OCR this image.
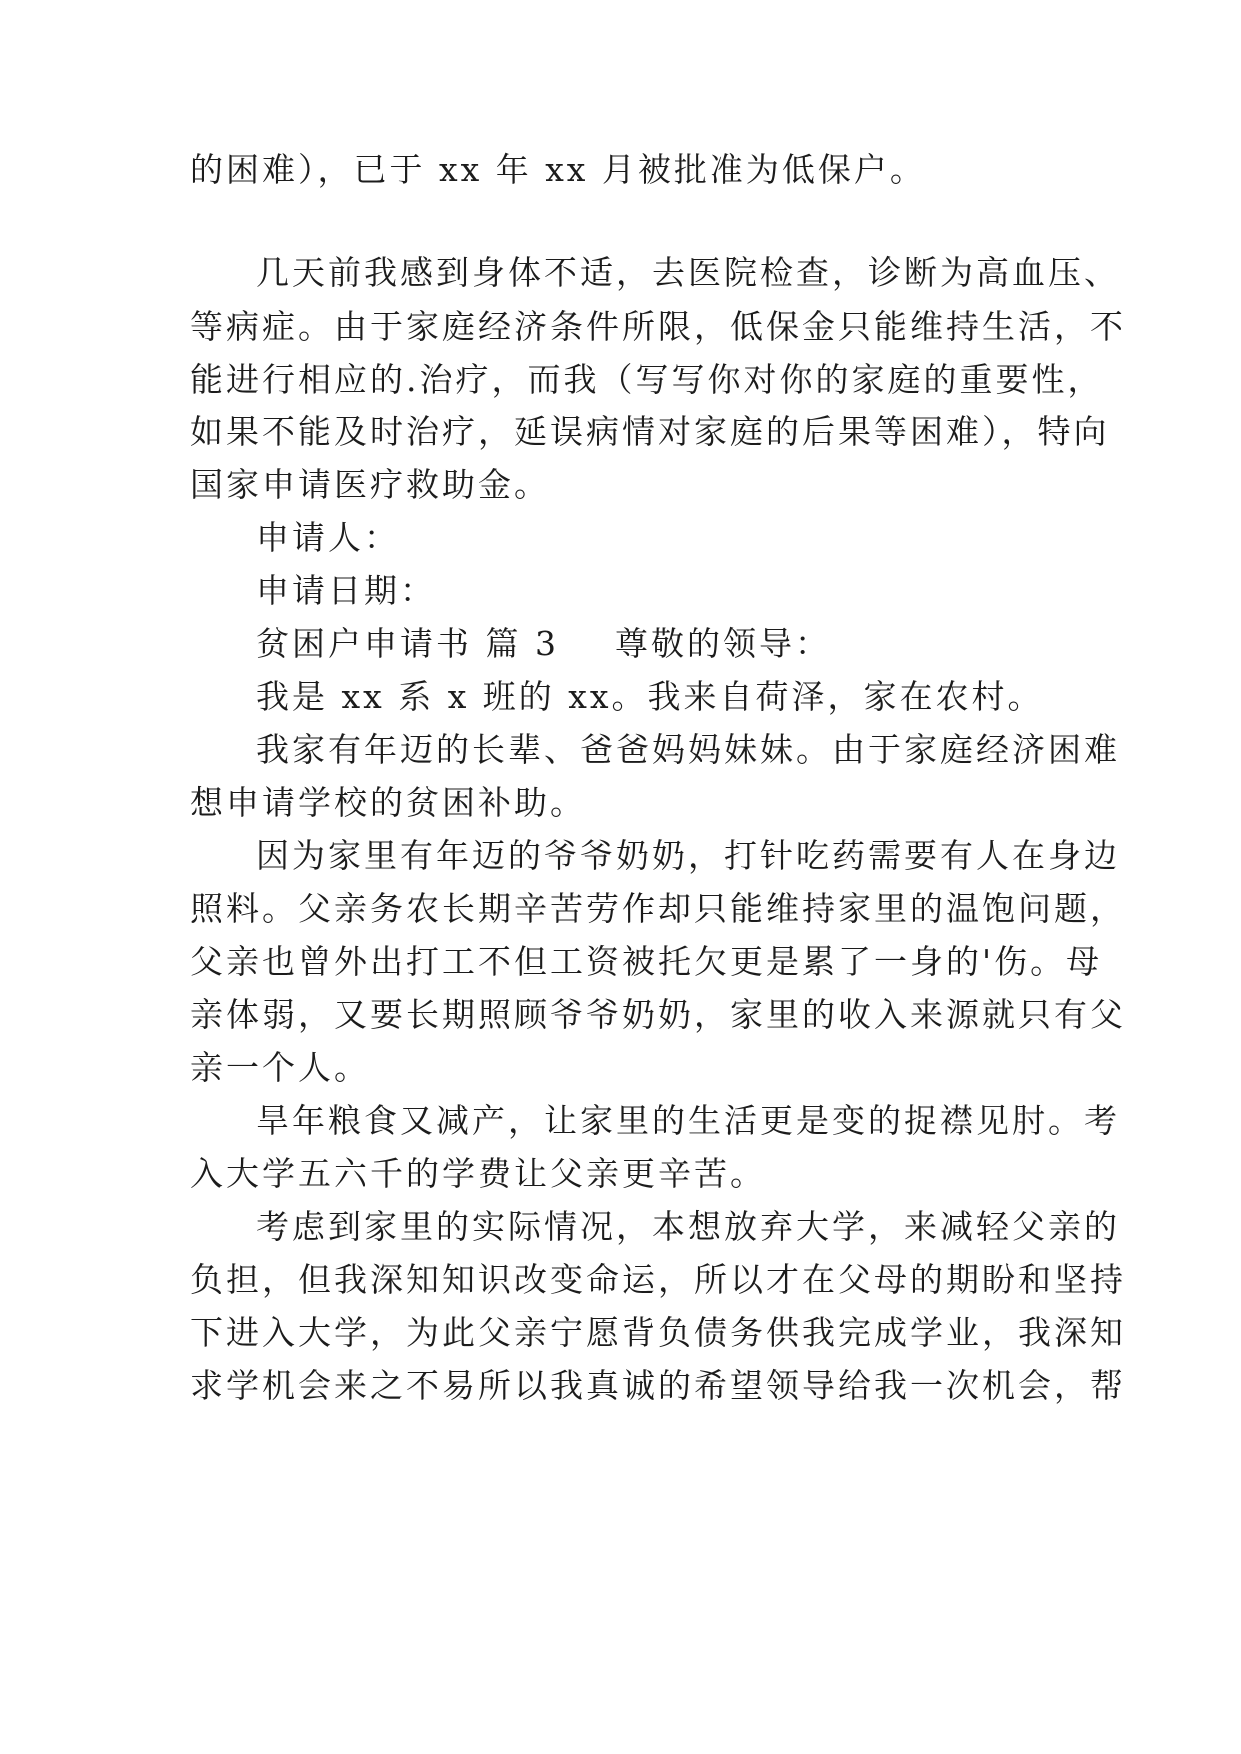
的困难），已于 xx 年 xx 月被批准为低保户。

几天前我感到身体不适，去医院检查，诊断为高血压、

等病症。由于家庭经济条件所限，低保金只能维持生活，不

能进行相应的.治疗，而我（写写你对你的家庭的重要性，

如果不能及时治疗，延误病情对家庭的后果等困难），特向

国家申请医疗救助金。

申请人：

申请日期：

贫困户申请书 篇 3 尊敬的领导：

我是 xx 系 x 班的 xx。我来自荷泽，家在农村。

我家有年迈的长辈、爸爸妈妈妹妹。由于家庭经济困难

想申请学校的贫困补助。

因为家里有年迈的爷爷奶奶，打针吃药需要有人在身边

照料。父亲务农长期辛苦劳作却只能维持家里的温饱问题，

父亲也曾外出打工不但工资被托欠更是累了一身的'伤。母

亲体弱，又要长期照顾爷爷奶奶，家里的收入来源就只有父

亲一个人。

旱年粮食又减产，让家里的生活更是变的捉襟见肘。考

入大学五六千的学费让父亲更辛苦。

考虑到家里的实际情况，本想放弃大学，来减轻父亲的

负担，但我深知知识改变命运，所以才在父母的期盼和坚持

下进入大学，为此父亲宁愿背负债务供我完成学业，我深知

求学机会来之不易所以我真诚的希望领导给我一次机会，帮
